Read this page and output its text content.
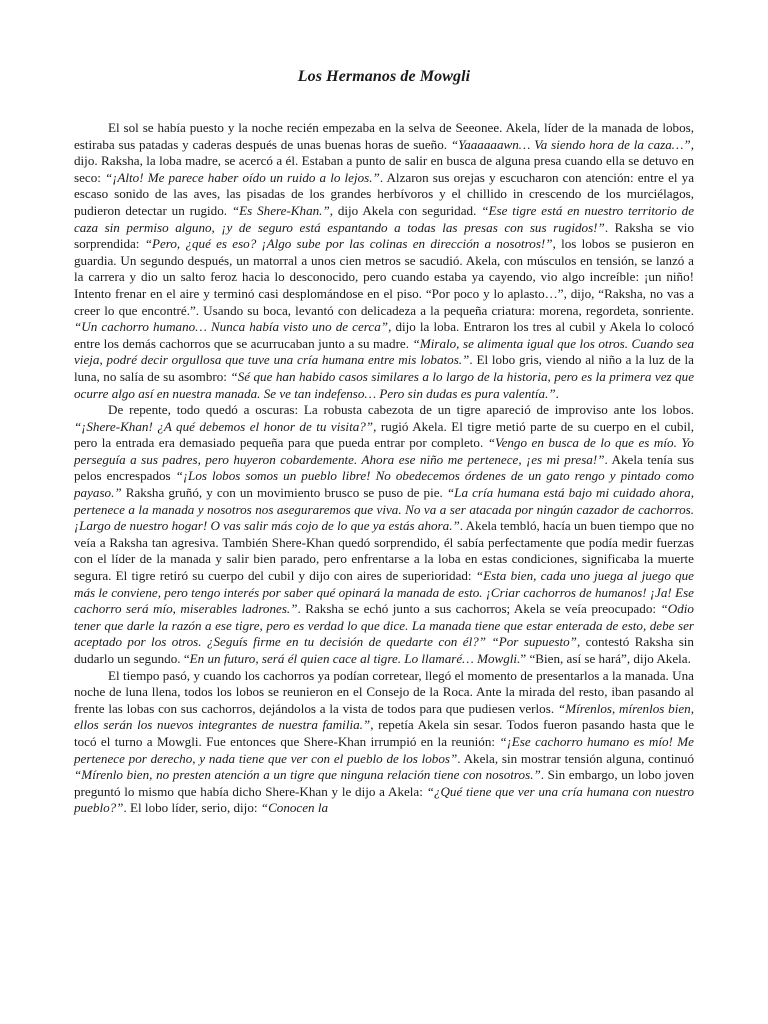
Los Hermanos de Mowgli

El sol se había puesto y la noche recién empezaba en la selva de Seeonee. Akela, líder de la manada de lobos, estiraba sus patadas y caderas después de unas buenas horas de sueño. “Yaaaaaawn… Va siendo hora de la caza…”, dijo. Raksha, la loba madre, se acercó a él. Estaban a punto de salir en busca de alguna presa cuando ella se detuvo en seco: “¡Alto! Me parece haber oído un ruido a lo lejos.”. Alzaron sus orejas y escucharon con atención: entre el ya escaso sonido de las aves, las pisadas de los grandes herbívoros y el chillido in crescendo de los murciélagos, pudieron detectar un rugido. “Es Shere-Khan.”, dijo Akela con seguridad. “Ese tigre está en nuestro territorio de caza sin permiso alguno, ¡y de seguro está espantando a todas las presas con sus rugidos!”. Raksha se vio sorprendida: “Pero, ¿qué es eso? ¡Algo sube por las colinas en dirección a nosotros!”, los lobos se pusieron en guardia. Un segundo después, un matorral a unos cien metros se sacudió. Akela, con músculos en tensión, se lanzó a la carrera y dio un salto feroz hacia lo desconocido, pero cuando estaba ya cayendo, vio algo increíble: ¡un niño! Intento frenar en el aire y terminó casi desplomándose en el piso. “Por poco y lo aplasto…”, dijo, “Raksha, no vas a creer lo que encontré.”. Usando su boca, levantó con delicadeza a la pequeña criatura: morena, regordeta, sonriente. “Un cachorro humano… Nunca había visto uno de cerca”, dijo la loba. Entraron los tres al cubil y Akela lo colocó entre los demás cachorros que se acurrucaban junto a su madre. “Miralo, se alimenta igual que los otros. Cuando sea vieja, podré decir orgullosa que tuve una cría humana entre mis lobatos.”. El lobo gris, viendo al niño a la luz de la luna, no salía de su asombro: “Sé que han habido casos similares a lo largo de la historia, pero es la primera vez que ocurre algo así en nuestra manada. Se ve tan indefenso… Pero sin dudas es pura valentía.”.

De repente, todo quedó a oscuras: La robusta cabezota de un tigre apareció de improviso ante los lobos. “¡Shere-Khan! ¿A qué debemos el honor de tu visita?”, rugió Akela. El tigre metió parte de su cuerpo en el cubil, pero la entrada era demasiado pequeña para que pueda entrar por completo. “Vengo en busca de lo que es mío. Yo perseguía a sus padres, pero huyeron cobardemente. Ahora ese niño me pertenece, ¡es mi presa!”. Akela tenía sus pelos encrespados “¡Los lobos somos un pueblo libre! No obedecemos órdenes de un gato rengo y pintado como payaso.” Raksha gruñó, y con un movimiento brusco se puso de pie. “La cría humana está bajo mi cuidado ahora, pertenece a la manada y nosotros nos aseguraremos que viva. No va a ser atacada por ningún cazador de cachorros. ¡Largo de nuestro hogar! O vas salir más cojo de lo que ya estás ahora.”. Akela tembló, hacía un buen tiempo que no veía a Raksha tan agresiva. También Shere-Khan quedó sorprendido, él sabía perfectamente que podía medir fuerzas con el líder de la manada y salir bien parado, pero enfrentarse a la loba en estas condiciones, significaba la muerte segura. El tigre retiró su cuerpo del cubil y dijo con aires de superioridad: “Esta bien, cada uno juega al juego que más le conviene, pero tengo interés por saber qué opinará la manada de esto. ¡Criar cachorros de humanos! ¡Ja! Ese cachorro será mío, miserables ladrones.”. Raksha se echó junto a sus cachorros; Akela se veía preocupado: “Odio tener que darle la razón a ese tigre, pero es verdad lo que dice. La manada tiene que estar enterada de esto, debe ser aceptado por los otros. ¿Seguís firme en tu decisión de quedarte con él?” “Por supuesto”, contestó Raksha sin dudarlo un segundo. “En un futuro, será él quien cace al tigre. Lo llamaré… Mowgli.” “Bien, así se hará”, dijo Akela.

El tiempo pasó, y cuando los cachorros ya podían corretear, llegó el momento de presentarlos a la manada. Una noche de luna llena, todos los lobos se reunieron en el Consejo de la Roca. Ante la mirada del resto, iban pasando al frente las lobas con sus cachorros, dejándolos a la vista de todos para que pudiesen verlos. “Mírenlos, mírenlos bien, ellos serán los nuevos integrantes de nuestra familia.”, repetía Akela sin sesar. Todos fueron pasando hasta que le tocó el turno a Mowgli. Fue entonces que Shere-Khan irrumpió en la reunión: “¡Ese cachorro humano es mío! Me pertenece por derecho, y nada tiene que ver con el pueblo de los lobos”. Akela, sin mostrar tensión alguna, continuó “Mírenlo bien, no presten atención a un tigre que ninguna relación tiene con nosotros.”. Sin embargo, un lobo joven preguntó lo mismo que había dicho Shere-Khan y le dijo a Akela: “¿Qué tiene que ver una cría humana con nuestro pueblo?”. El lobo líder, serio, dijo: “Conocen la
